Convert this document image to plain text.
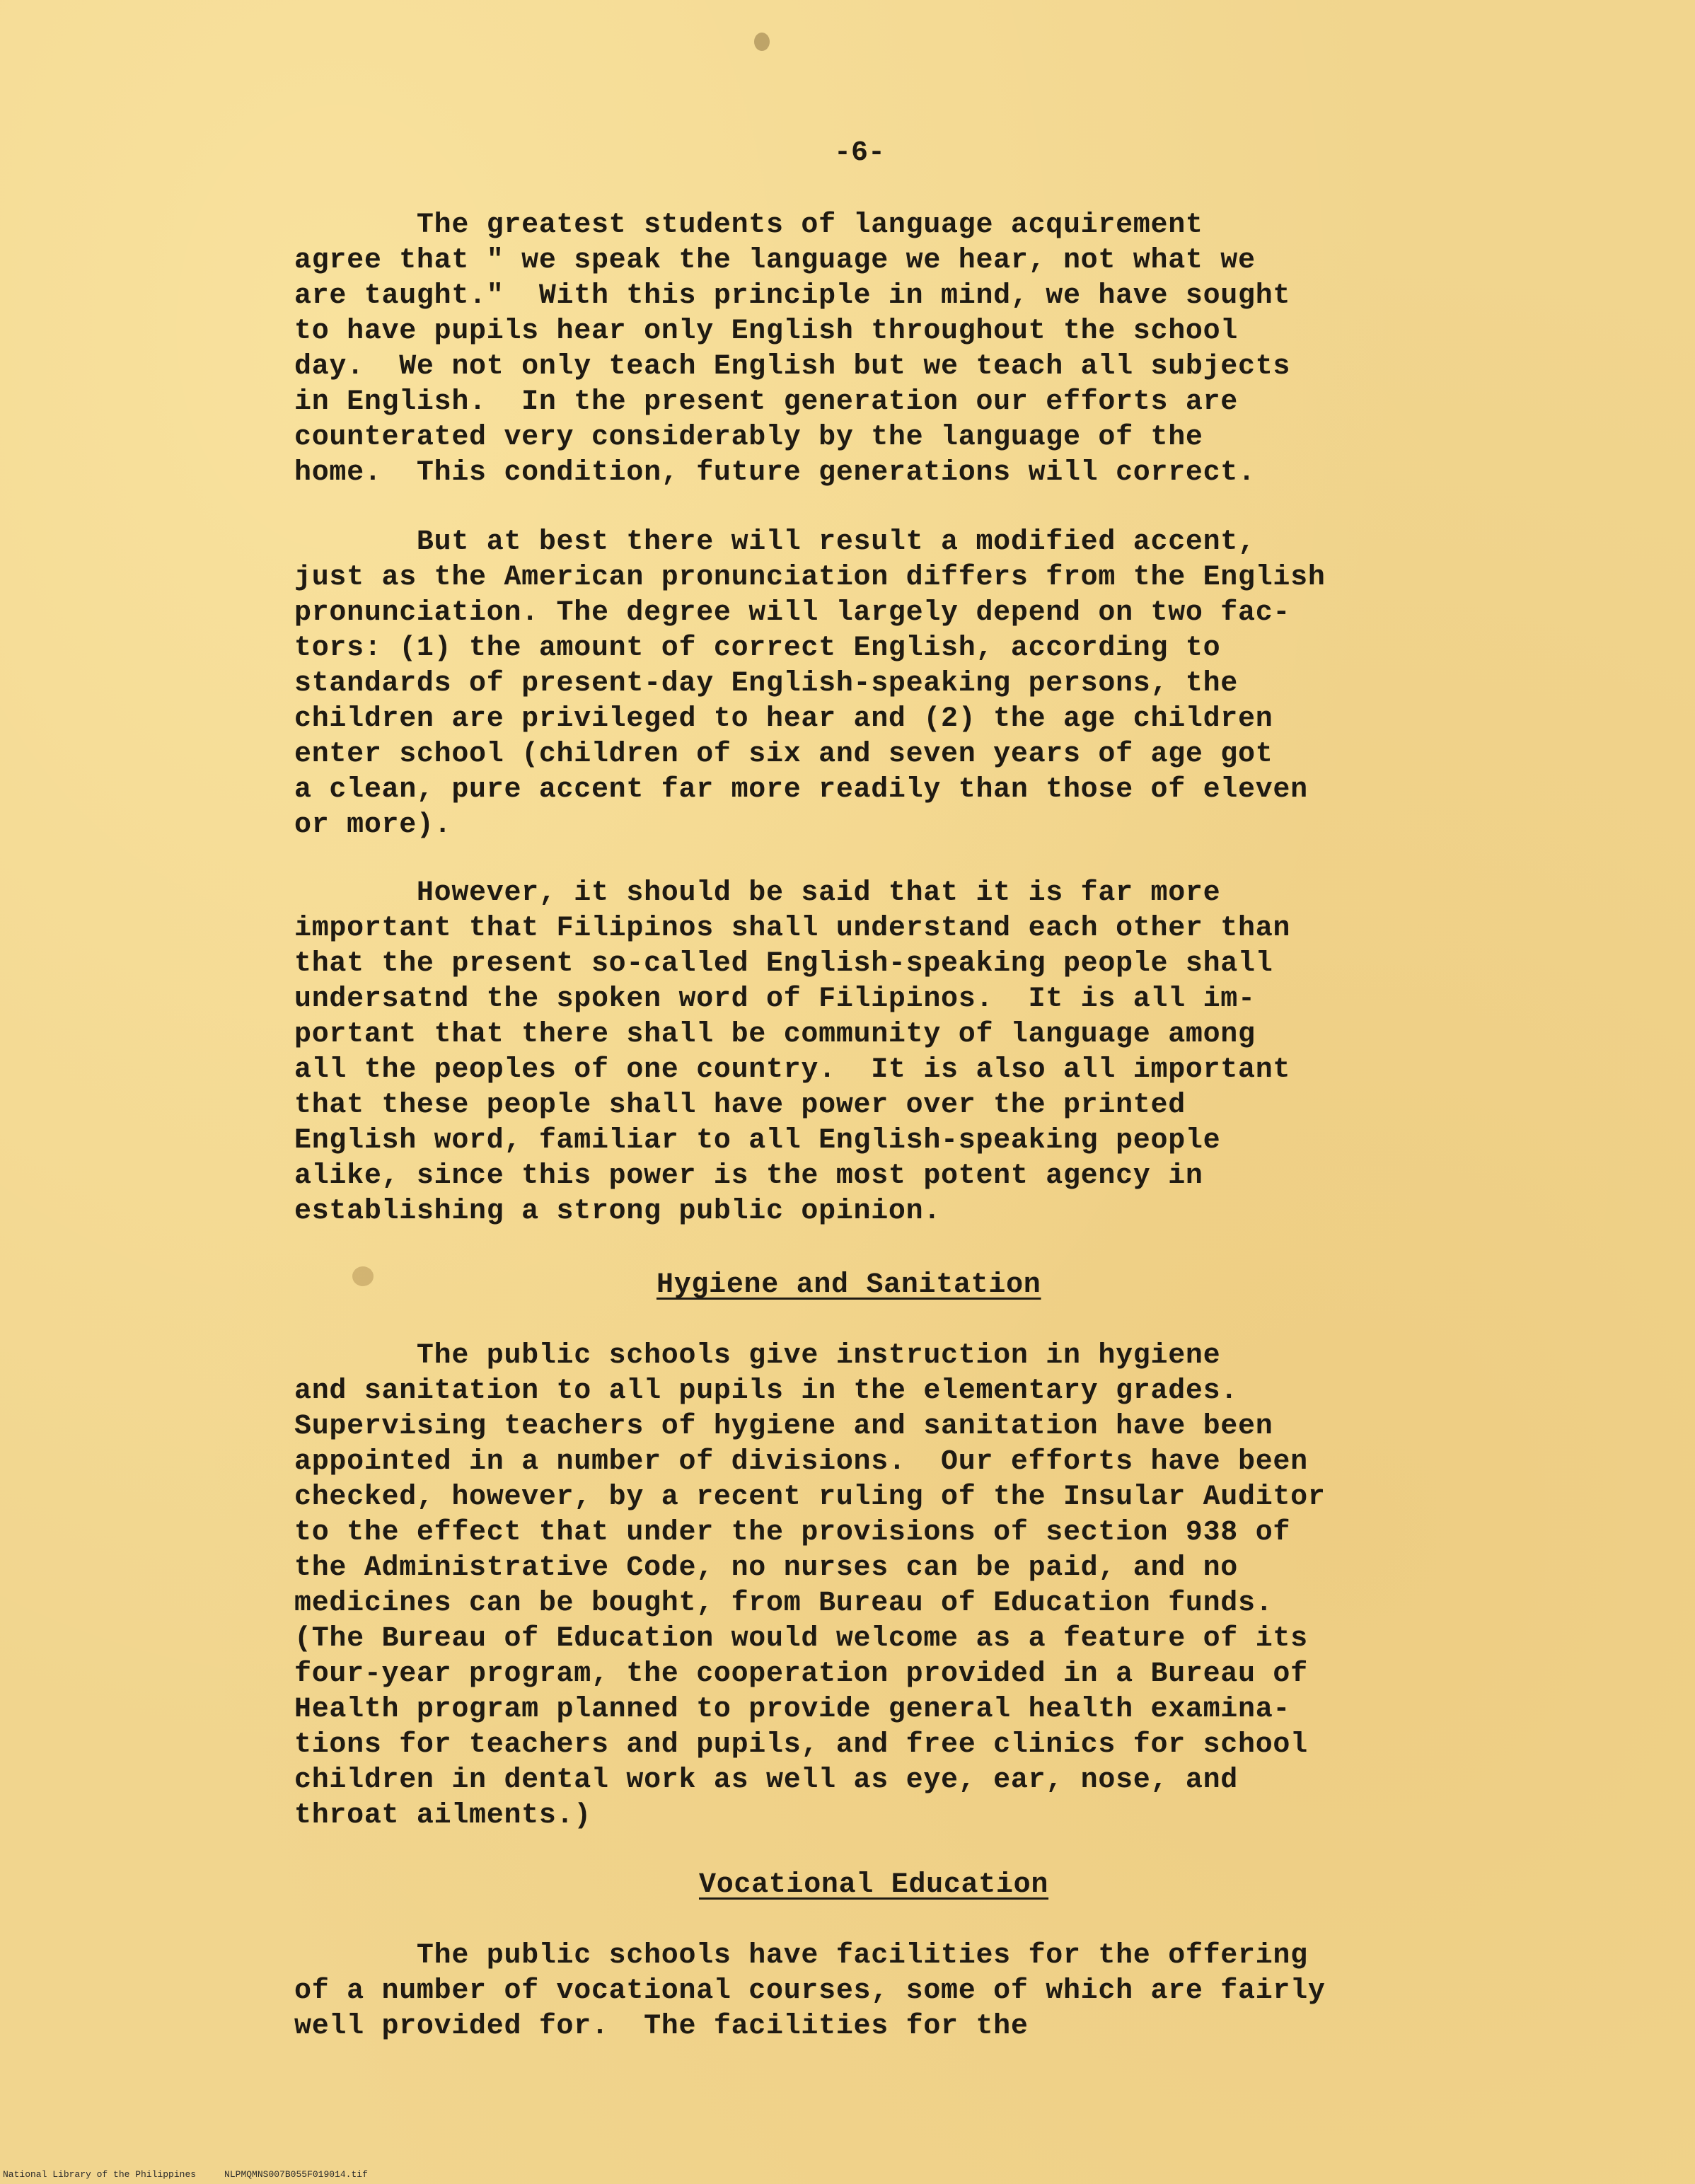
-6-
The greatest students of language acquirement
agree that " we speak the language we hear, not what we
are taught."  With this principle in mind, we have sought
to have pupils hear only English throughout the school
day.  We not only teach English but we teach all subjects
in English.  In the present generation our efforts are
counterated very considerably by the language of the
home.  This condition, future generations will correct.
But at best there will result a modified accent,
just as the American pronunciation differs from the English
pronunciation. The degree will largely depend on two fac-
tors: (1) the amount of correct English, according to
standards of present-day English-speaking persons, the
children are privileged to hear and (2) the age children
enter school (children of six and seven years of age got
a clean, pure accent far more readily than those of eleven
or more).
However, it should be said that it is far more
important that Filipinos shall understand each other than
that the present so-called English-speaking people shall
undersatnd the spoken word of Filipinos.  It is all im-
portant that there shall be community of language among
all the peoples of one country.  It is also all important
that these people shall have power over the printed
English word, familiar to all English-speaking people
alike, since this power is the most potent agency in
establishing a strong public opinion.
Hygiene and Sanitation
The public schools give instruction in hygiene
and sanitation to all pupils in the elementary grades.
Supervising teachers of hygiene and sanitation have been
appointed in a number of divisions.  Our efforts have been
checked, however, by a recent ruling of the Insular Auditor
to the effect that under the provisions of section 938 of
the Administrative Code, no nurses can be paid, and no
medicines can be bought, from Bureau of Education funds.
(The Bureau of Education would welcome as a feature of its
four-year program, the cooperation provided in a Bureau of
Health program planned to provide general health examina-
tions for teachers and pupils, and free clinics for school
children in dental work as well as eye, ear, nose, and
throat ailments.)
Vocational Education
The public schools have facilities for the offering
of a number of vocational courses, some of which are fairly
well provided for.  The facilities for the
National Library of the Philippines	NLPMQMNS007B055F019014.tif
